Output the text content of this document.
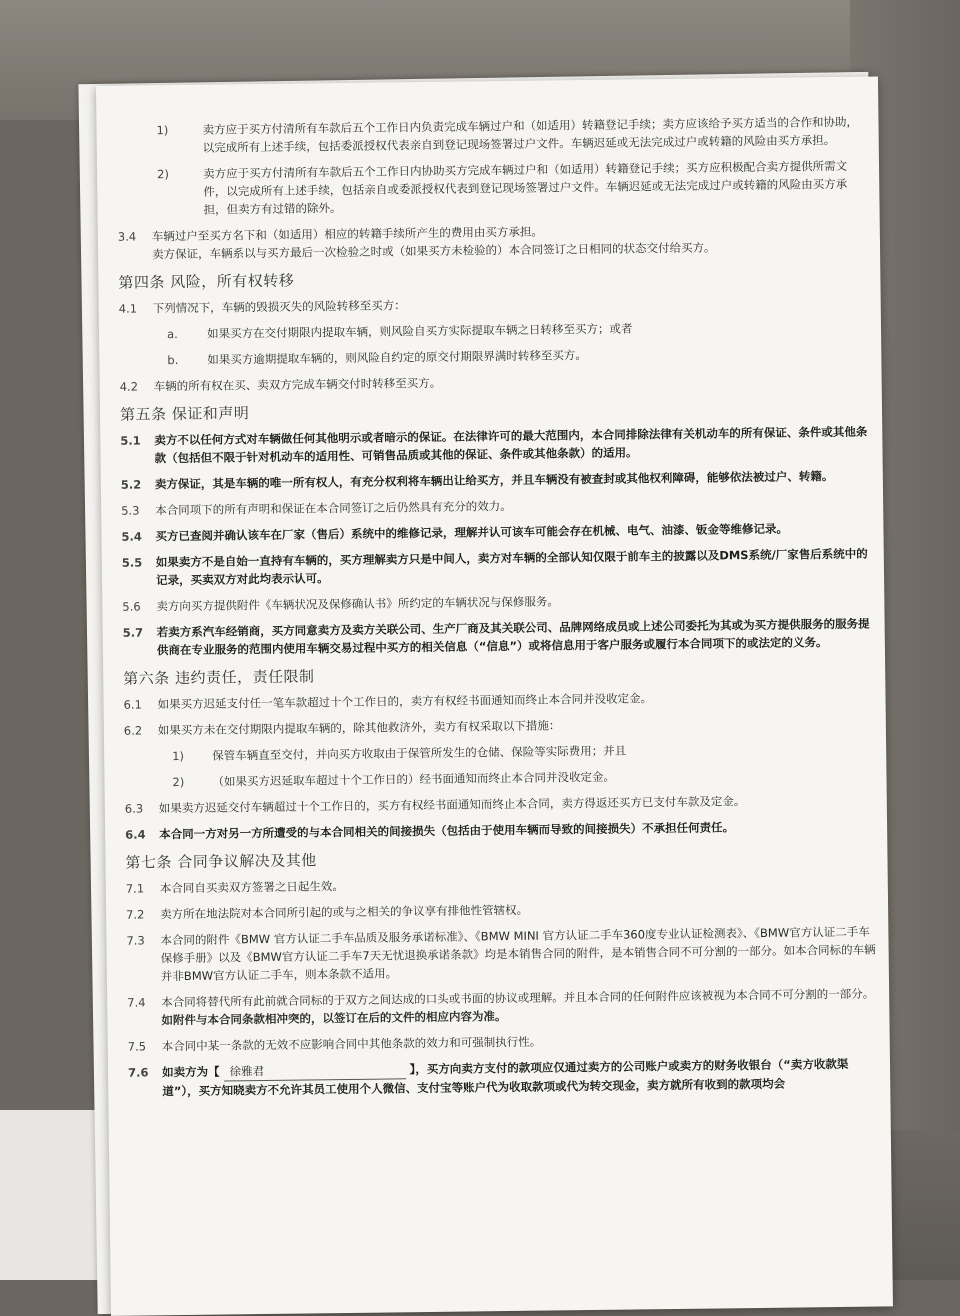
1)	卖方应于买方付清所有车款后五个工作日内负责完成车辆过户和（如适用）转籍登记手续；卖方应该给予买方适当的合作和协助，以完成所有上述手续，包括委派授权代表亲自到登记现场签署过户文件。车辆迟延或无法完成过户或转籍的风险由买方承担。
2)	卖方应于买方付清所有车款后五个工作日内协助买方完成车辆过户和（如适用）转籍登记手续；买方应积极配合卖方提供所需文件，以完成所有上述手续，包括亲自或委派授权代表到登记现场签署过户文件。车辆迟延或无法完成过户或转籍的风险由买方承担，但卖方有过错的除外。
3.4	车辆过户至买方名下和（如适用）相应的转籍手续所产生的费用由买方承担。
卖方保证，车辆系以与买方最后一次检验之时或（如果买方未检验的）本合同签订之日相同的状态交付给买方。
第四条 风险，所有权转移
4.1	下列情况下，车辆的毁损灭失的风险转移至买方：
a.	如果买方在交付期限内提取车辆，则风险自买方实际提取车辆之日转移至买方；或者
b.	如果买方逾期提取车辆的，则风险自约定的原交付期限界满时转移至买方。
4.2	车辆的所有权在买、卖双方完成车辆交付时转移至买方。
第五条 保证和声明
5.1	卖方不以任何方式对车辆做任何其他明示或者暗示的保证。在法律许可的最大范围内，本合同排除法律有关机动车的所有保证、条件或其他条款（包括但不限于针对机动车的适用性、可销售品质或其他的保证、条件或其他条款）的适用。
5.2	卖方保证，其是车辆的唯一所有权人，有充分权利将车辆出让给买方，并且车辆没有被查封或其他权利障碍，能够依法被过户、转籍。
5.3	本合同项下的所有声明和保证在本合同签订之后仍然具有充分的效力。
5.4	买方已查阅并确认该车在厂家（售后）系统中的维修记录，理解并认可该车可能会存在机械、电气、油漆、钣金等维修记录。
5.5	如果卖方不是自始一直持有车辆的，买方理解卖方只是中间人，卖方对车辆的全部认知仅限于前车主的披露以及DMS系统/厂家售后系统中的记录，买卖双方对此均表示认可。
5.6	卖方向买方提供附件《车辆状况及保修确认书》所约定的车辆状况与保修服务。
5.7	若卖方系汽车经销商，买方同意卖方及卖方关联公司、生产厂商及其关联公司、品牌网络成员或上述公司委托为其或为买方提供服务的服务提供商在专业服务的范围内使用车辆交易过程中买方的相关信息（“信息”）或将信息用于客户服务或履行本合同项下的或法定的义务。
第六条 违约责任，责任限制
6.1	如果买方迟延支付任一笔车款超过十个工作日的，卖方有权经书面通知而终止本合同并没收定金。
6.2	如果买方未在交付期限内提取车辆的，除其他救济外，卖方有权采取以下措施：
1)	保管车辆直至交付，并向买方收取由于保管所发生的仓储、保险等实际费用；并且
2)	（如果买方迟延取车超过十个工作日的）经书面通知而终止本合同并没收定金。
6.3	如果卖方迟延交付车辆超过十个工作日的，买方有权经书面通知而终止本合同，卖方得返还买方已支付车款及定金。
6.4	本合同一方对另一方所遭受的与本合同相关的间接损失（包括由于使用车辆而导致的间接损失）不承担任何责任。
第七条 合同争议解决及其他
7.1	本合同自买卖双方签署之日起生效。
7.2	卖方所在地法院对本合同所引起的或与之相关的争议享有排他性管辖权。
7.3	本合同的附件《BMW 官方认证二手车品质及服务承诺标准》、《BMW MINI 官方认证二手车360度专业认证检测表》、《BMW官方认证二手车保修手册》以及《BMW官方认证二手车7天无忧退换承诺条款》均是本销售合同的附件，是本销售合同不可分割的一部分。如本合同标的车辆并非BMW官方认证二手车，则本条款不适用。
7.4	本合同将替代所有此前就合同标的于双方之间达成的口头或书面的协议或理解。并且本合同的任何附件应该被视为本合同不可分割的一部分。如附件与本合同条款相冲突的，以签订在后的文件的相应内容为准。
7.5	本合同中某一条款的无效不应影响合同中其他条款的效力和可强制执行性。
7.6	如卖方为【 徐雅君	】，买方向卖方支付的款项应仅通过卖方的公司账户或卖方的财务收银台（“卖方收款渠道”），买方知晓卖方不允许其员工使用个人微信、支付宝等账户代为收取款项或代为转交现金，卖方就所有收到的款项均会
